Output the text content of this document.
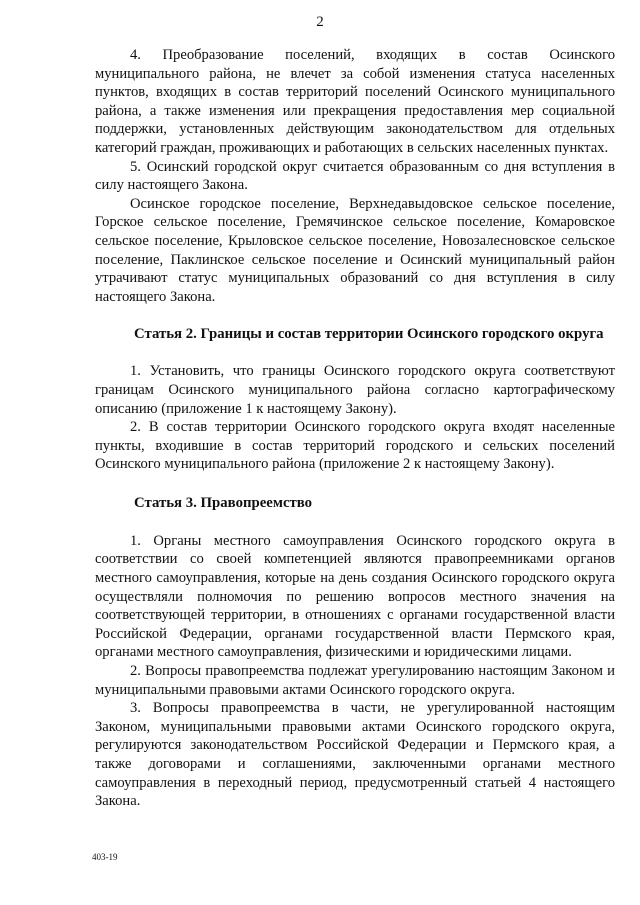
2

4. Преобразование поселений, входящих в состав Осинского муниципального района, не влечет за собой изменения статуса населенных пунктов, входящих в состав территорий поселений Осинского муниципального района, а также изменения или прекращения предоставления мер социальной поддержки, установленных действующим законодательством для отдельных категорий граждан, проживающих и работающих в сельских населенных пунктах.

5. Осинский городской округ считается образованным со дня вступления в силу настоящего Закона.

Осинское городское поселение, Верхнедавыдовское сельское поселение, Горское сельское поселение, Гремячинское сельское поселение, Комаровское сельское поселение, Крыловское сельское поселение, Новозалесновское сельское поселение, Паклинское сельское поселение и Осинский муниципальный район утрачивают статус муниципальных образований со дня вступления в силу настоящего Закона.

Статья 2. Границы и состав территории Осинского городского округа

1. Установить, что границы Осинского городского округа соответствуют границам Осинского муниципального района согласно картографическому описанию (приложение 1 к настоящему Закону).

2. В состав территории Осинского городского округа входят населенные пункты, входившие в состав территорий городского и сельских поселений Осинского муниципального района (приложение 2 к настоящему Закону).

Статья 3. Правопреемство

1. Органы местного самоуправления Осинского городского округа в соответствии со своей компетенцией являются правопреемниками органов местного самоуправления, которые на день создания Осинского городского округа осуществляли полномочия по решению вопросов местного значения на соответствующей территории, в отношениях с органами государственной власти Российской Федерации, органами государственной власти Пермского края, органами местного самоуправления, физическими и юридическими лицами.

2. Вопросы правопреемства подлежат урегулированию настоящим Законом и муниципальными правовыми актами Осинского городского округа.

3. Вопросы правопреемства в части, не урегулированной настоящим Законом, муниципальными правовыми актами Осинского городского округа, регулируются законодательством Российской Федерации и Пермского края, а также договорами и соглашениями, заключенными органами местного самоуправления в переходный период, предусмотренный статьей 4 настоящего Закона.

403-19
